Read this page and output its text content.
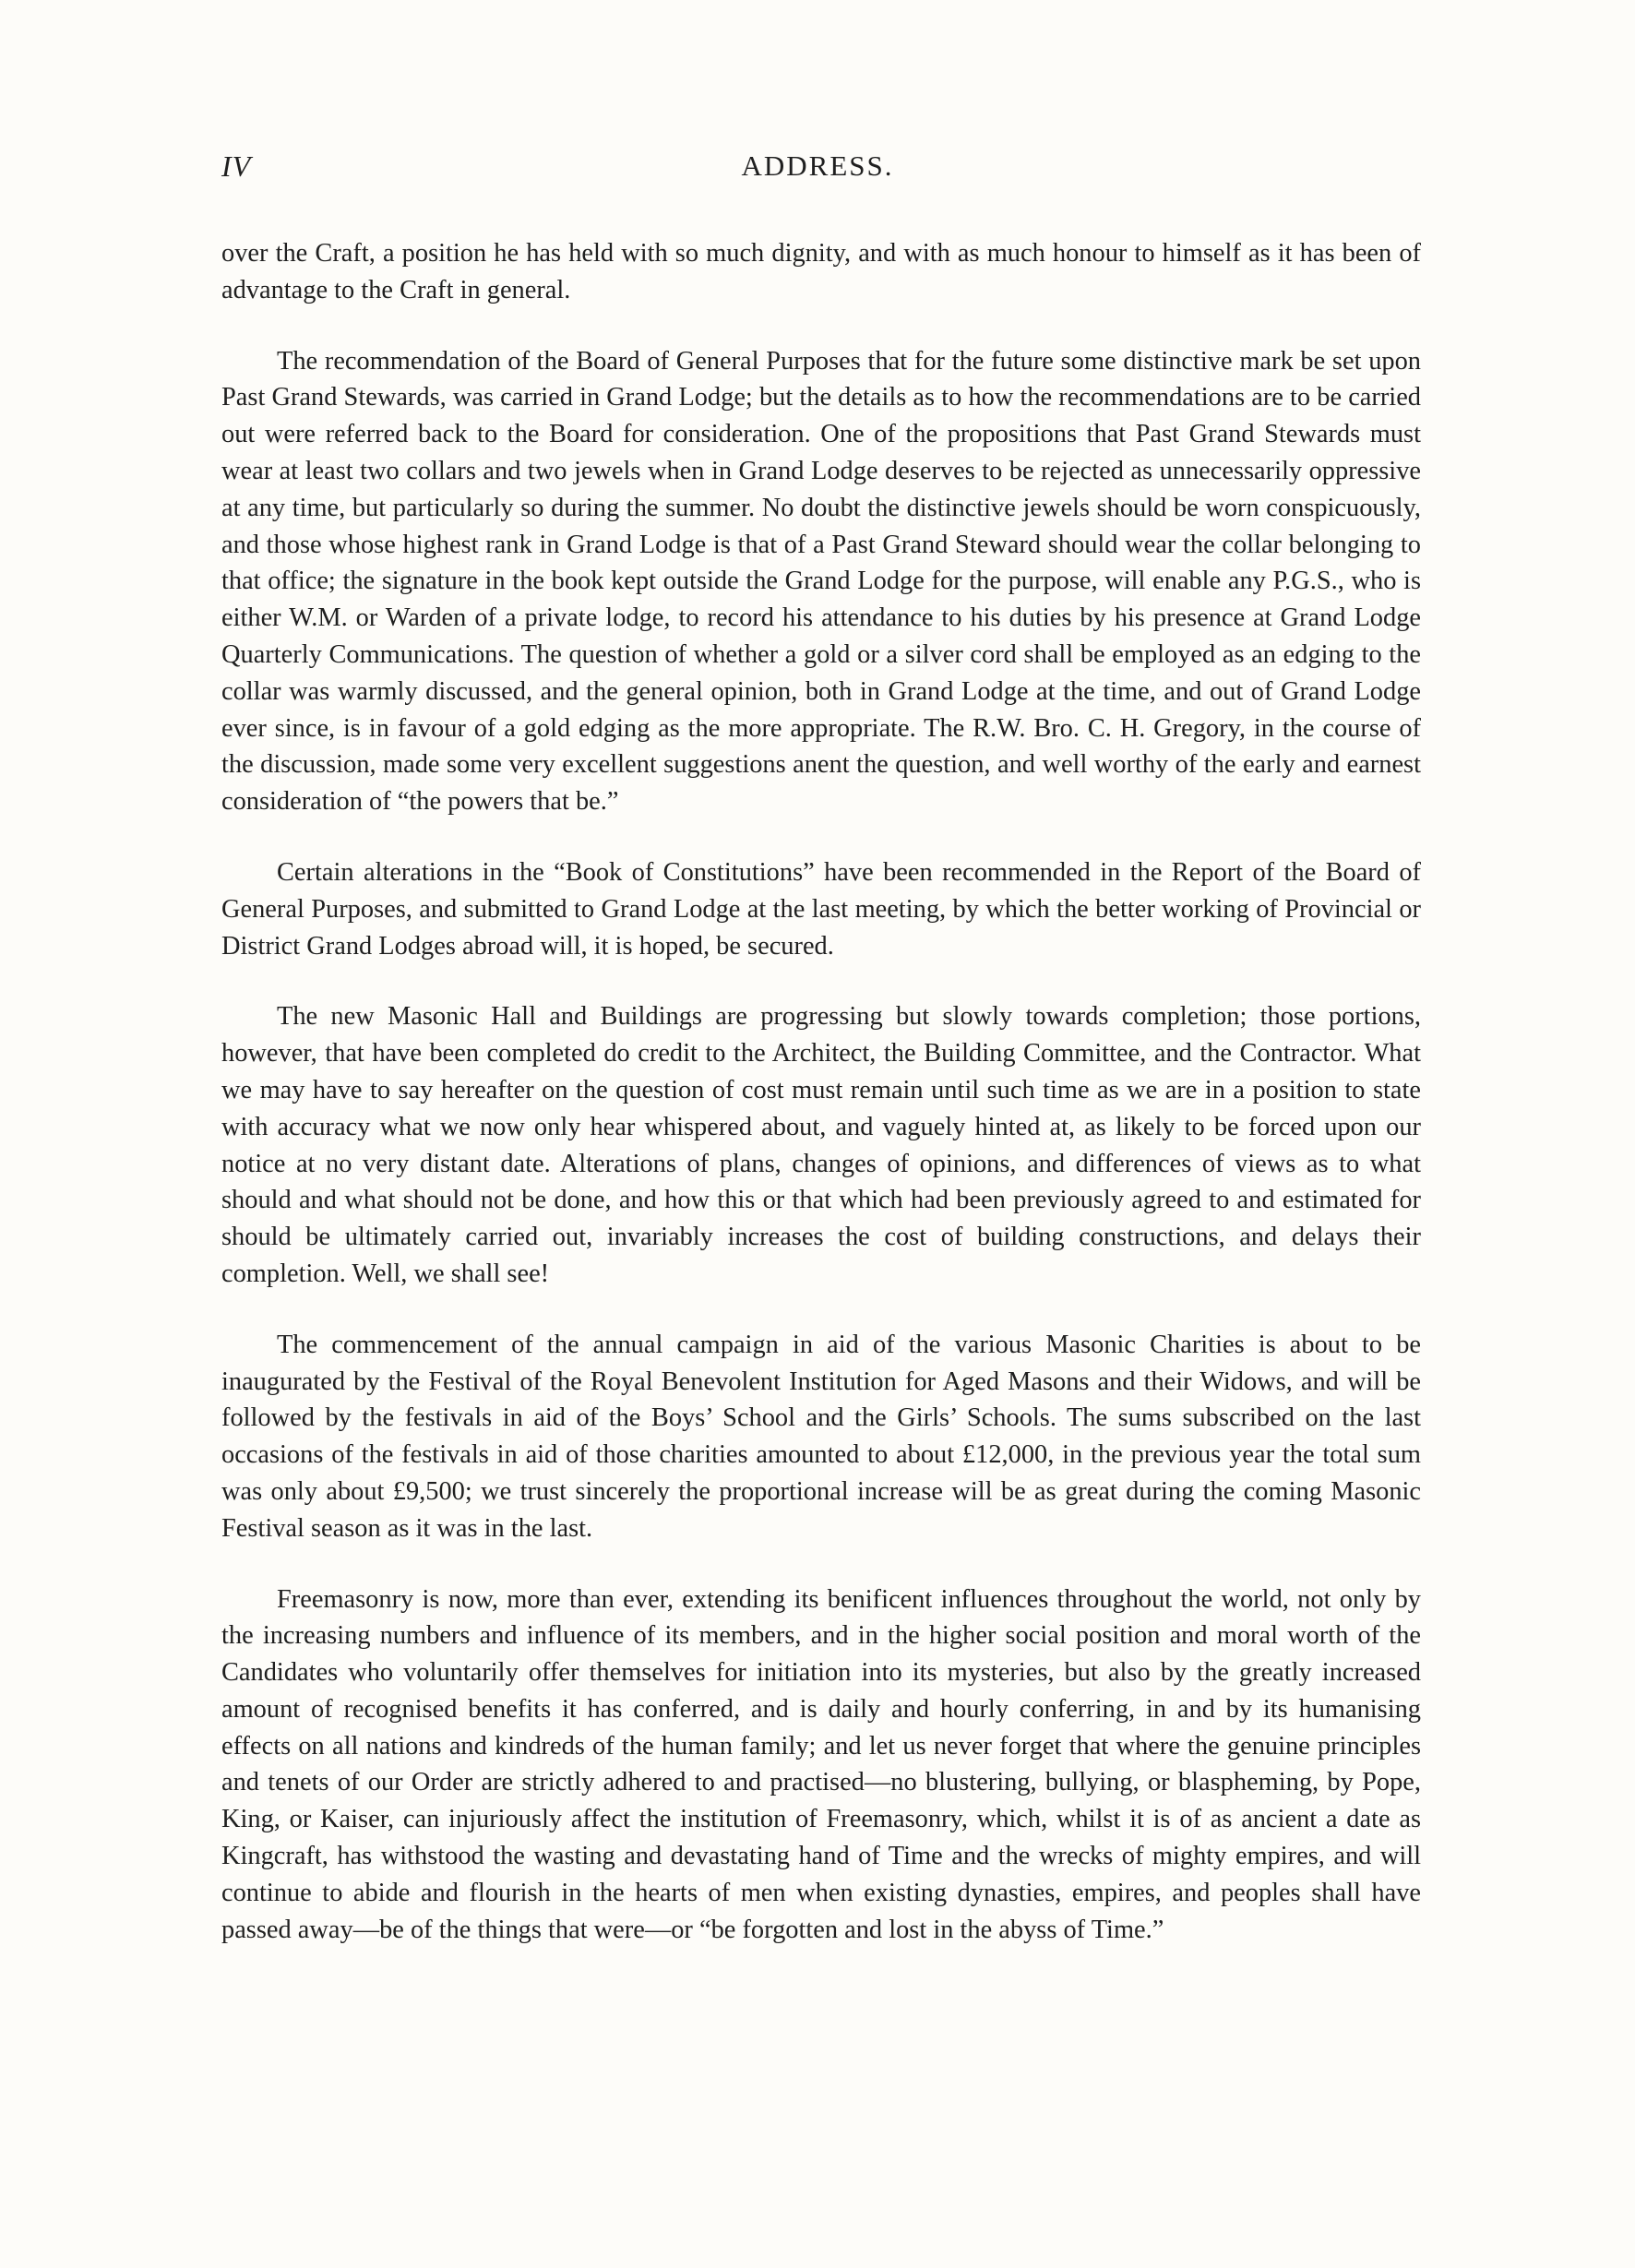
IV	ADDRESS.

over the Craft, a position he has held with so much dignity, and with as much honour to himself as it has been of advantage to the Craft in general.

The recommendation of the Board of General Purposes that for the future some distinctive mark be set upon Past Grand Stewards, was carried in Grand Lodge; but the details as to how the recommendations are to be carried out were referred back to the Board for consideration. One of the propositions that Past Grand Stewards must wear at least two collars and two jewels when in Grand Lodge deserves to be rejected as unnecessarily oppressive at any time, but particularly so during the summer. No doubt the distinctive jewels should be worn conspicuously, and those whose highest rank in Grand Lodge is that of a Past Grand Steward should wear the collar belonging to that office; the signature in the book kept outside the Grand Lodge for the purpose, will enable any P.G.S., who is either W.M. or Warden of a private lodge, to record his attendance to his duties by his presence at Grand Lodge Quarterly Communications. The question of whether a gold or a silver cord shall be employed as an edging to the collar was warmly discussed, and the general opinion, both in Grand Lodge at the time, and out of Grand Lodge ever since, is in favour of a gold edging as the more appropriate. The R.W. Bro. C. H. Gregory, in the course of the discussion, made some very excellent suggestions anent the question, and well worthy of the early and earnest consideration of “the powers that be.”

Certain alterations in the “Book of Constitutions” have been recommended in the Report of the Board of General Purposes, and submitted to Grand Lodge at the last meeting, by which the better working of Provincial or District Grand Lodges abroad will, it is hoped, be secured.

The new Masonic Hall and Buildings are progressing but slowly towards completion; those portions, however, that have been completed do credit to the Architect, the Building Committee, and the Contractor. What we may have to say hereafter on the question of cost must remain until such time as we are in a position to state with accuracy what we now only hear whispered about, and vaguely hinted at, as likely to be forced upon our notice at no very distant date. Alterations of plans, changes of opinions, and differences of views as to what should and what should not be done, and how this or that which had been previously agreed to and estimated for should be ultimately carried out, invariably increases the cost of building constructions, and delays their completion. Well, we shall see!

The commencement of the annual campaign in aid of the various Masonic Charities is about to be inaugurated by the Festival of the Royal Benevolent Institution for Aged Masons and their Widows, and will be followed by the festivals in aid of the Boys’ School and the Girls’ Schools. The sums subscribed on the last occasions of the festivals in aid of those charities amounted to about £12,000, in the previous year the total sum was only about £9,500; we trust sincerely the proportional increase will be as great during the coming Masonic Festival season as it was in the last.

Freemasonry is now, more than ever, extending its benificent influences throughout the world, not only by the increasing numbers and influence of its members, and in the higher social position and moral worth of the Candidates who voluntarily offer themselves for initiation into its mysteries, but also by the greatly increased amount of recognised benefits it has conferred, and is daily and hourly conferring, in and by its humanising effects on all nations and kindreds of the human family; and let us never forget that where the genuine principles and tenets of our Order are strictly adhered to and practised—no blustering, bullying, or blaspheming, by Pope, King, or Kaiser, can injuriously affect the institution of Freemasonry, which, whilst it is of as ancient a date as Kingcraft, has withstood the wasting and devastating hand of Time and the wrecks of mighty empires, and will continue to abide and flourish in the hearts of men when existing dynasties, empires, and peoples shall have passed away—be of the things that were—or “be forgotten and lost in the abyss of Time.”
